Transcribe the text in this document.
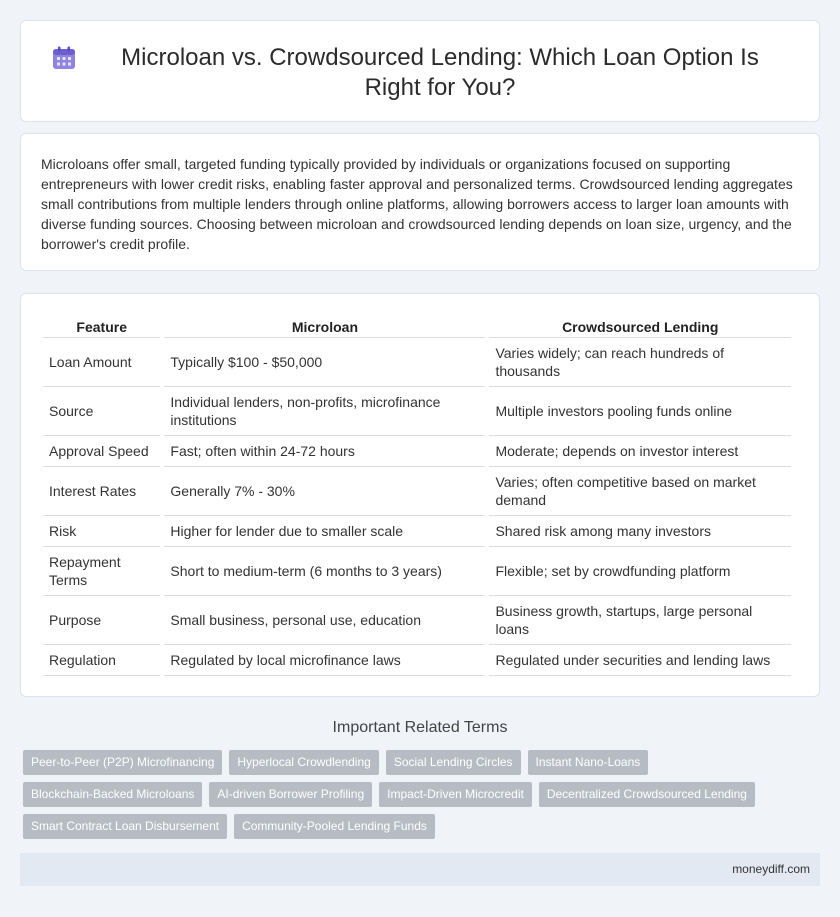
Microloan vs. Crowdsourced Lending: Which Loan Option Is Right for You?

Microloans offer small, targeted funding typically provided by individuals or organizations focused on supporting entrepreneurs with lower credit risks, enabling faster approval and personalized terms. Crowdsourced lending aggregates small contributions from multiple lenders through online platforms, allowing borrowers access to larger loan amounts with diverse funding sources. Choosing between microloan and crowdsourced lending depends on loan size, urgency, and the borrower's credit profile.

Feature	Microloan	Crowdsourced Lending
Loan Amount	Typically $100 - $50,000	Varies widely; can reach hundreds of thousands
Source	Individual lenders, non-profits, microfinance institutions	Multiple investors pooling funds online
Approval Speed	Fast; often within 24-72 hours	Moderate; depends on investor interest
Interest Rates	Generally 7% - 30%	Varies; often competitive based on market demand
Risk	Higher for lender due to smaller scale	Shared risk among many investors
Repayment Terms	Short to medium-term (6 months to 3 years)	Flexible; set by crowdfunding platform
Purpose	Small business, personal use, education	Business growth, startups, large personal loans
Regulation	Regulated by local microfinance laws	Regulated under securities and lending laws
Important Related Terms
Peer-to-Peer (P2P) Microfinancing	Hyperlocal Crowdlending	Social Lending Circles	Instant Nano-Loans
Blockchain-Backed Microloans	AI-driven Borrower Profiling	Impact-Driven Microcredit	Decentralized Crowdsourced Lending
Smart Contract Loan Disbursement	Community-Pooled Lending Funds
moneydiff.com
